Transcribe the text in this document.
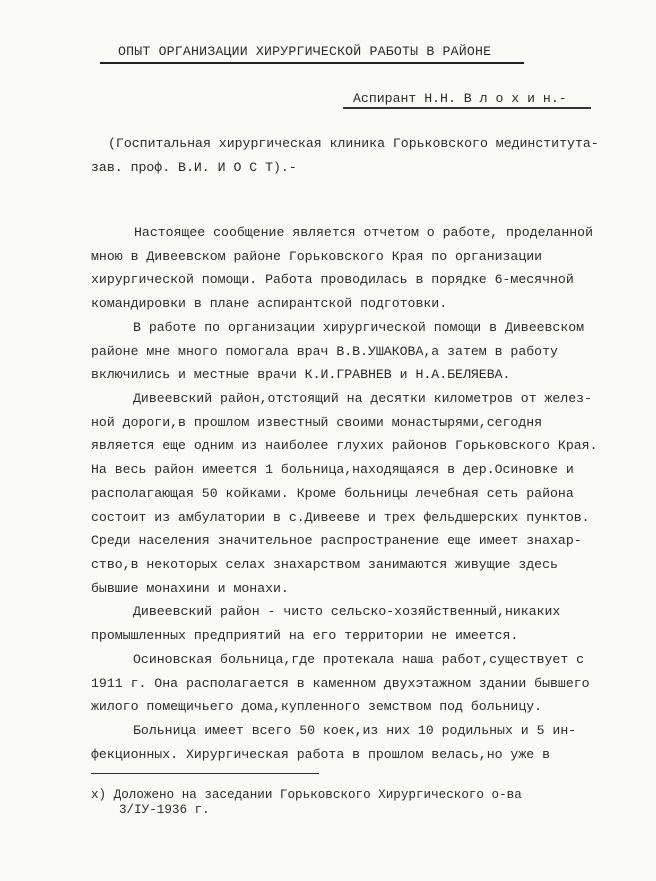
ОПЫТ ОРГАНИЗАЦИИ ХИРУРГИЧЕСКОЙ РАБОТЫ В РАЙОНЕ
Аспирант Н.Н. В л о х и н.-
(Госпитальная хирургическая клиника Горьковского мединститута-
зав. проф. В.И. И О С Т).-
Настоящее сообщение является отчетом о работе, проделанной
мною в Дивеевском районе Горьковского Края по организации
хирургической помощи. Работа проводилась в порядке 6-месячной
командировки в плане аспирантской подготовки.
В работе по организации хирургической помощи в Дивеевском
районе мне много помогала врач В.В.УШАКОВА,а затем в работу
включились и местные врачи К.И.ГРАВНЕВ и Н.А.БЕЛЯЕВА.
Дивеевский район,отстоящий на десятки километров от желез-
ной дороги,в прошлом известный своими монастырями,сегодня
является еще одним из наиболее глухих районов Горьковского Края.
На весь район имеется 1 больница,находящаяся в дер.Осиновке и
располагающая 50 койками. Кроме больницы лечебная сеть района
состоит из амбулатории в с.Дивееве и трех фельдшерских пунктов.
Среди населения значительное распространение еще имеет знахар-
ство,в некоторых селах знахарством занимаются живущие здесь
бывшие монахини и монахи.
Дивеевский район - чисто сельско-хозяйственный,никаких
промышленных предприятий на его территории не имеется.
Осиновская больница,где протекала наша работ,существует с
1911 г. Она располагается в каменном двухэтажном здании бывшего
жилого помещичьего дома,купленного земством под больницу.
Больница имеет всего 50 коек,из них 10 родильных и 5 ин-
фекционных. Хирургическая работа в прошлом велась,но уже в
х) Доложено на заседании Горьковского Хирургического о-ва
3/IУ-1936 г.
